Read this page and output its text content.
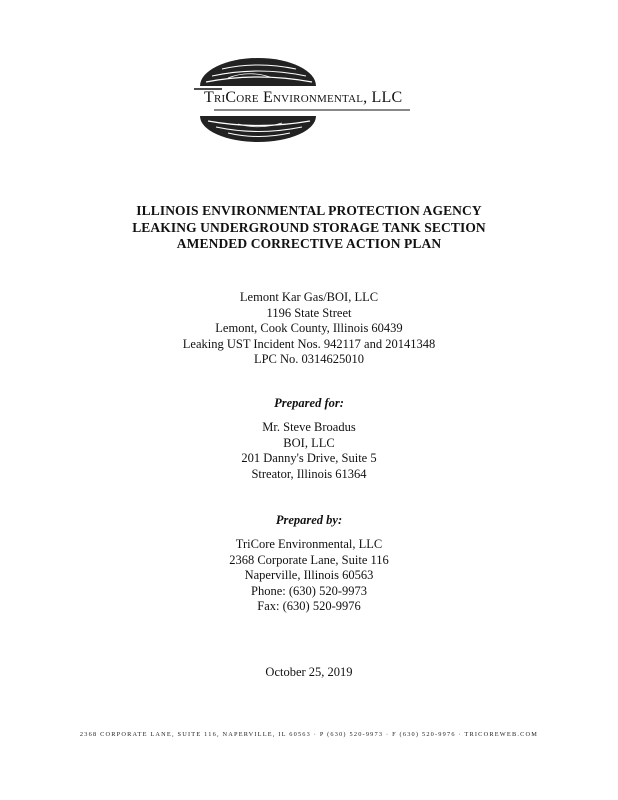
TriCore Environmental, LLC
ILLINOIS ENVIRONMENTAL PROTECTION AGENCY
LEAKING UNDERGROUND STORAGE TANK SECTION
AMENDED CORRECTIVE ACTION PLAN
Lemont Kar Gas/BOI, LLC
1196 State Street
Lemont, Cook County, Illinois 60439
Leaking UST Incident Nos. 942117 and 20141348
LPC No. 0314625010
Prepared for:
Mr. Steve Broadus
BOI, LLC
201 Danny's Drive, Suite 5
Streator, Illinois 61364
Prepared by:
TriCore Environmental, LLC
2368 Corporate Lane, Suite 116
Naperville, Illinois 60563
Phone: (630) 520-9973
Fax: (630) 520-9976
October 25, 2019
2368 CORPORATE LANE, SUITE 116, NAPERVILLE, IL 60563 · P (630) 520-9973 · F (630) 520-9976 · TRICOREWEB.COM
